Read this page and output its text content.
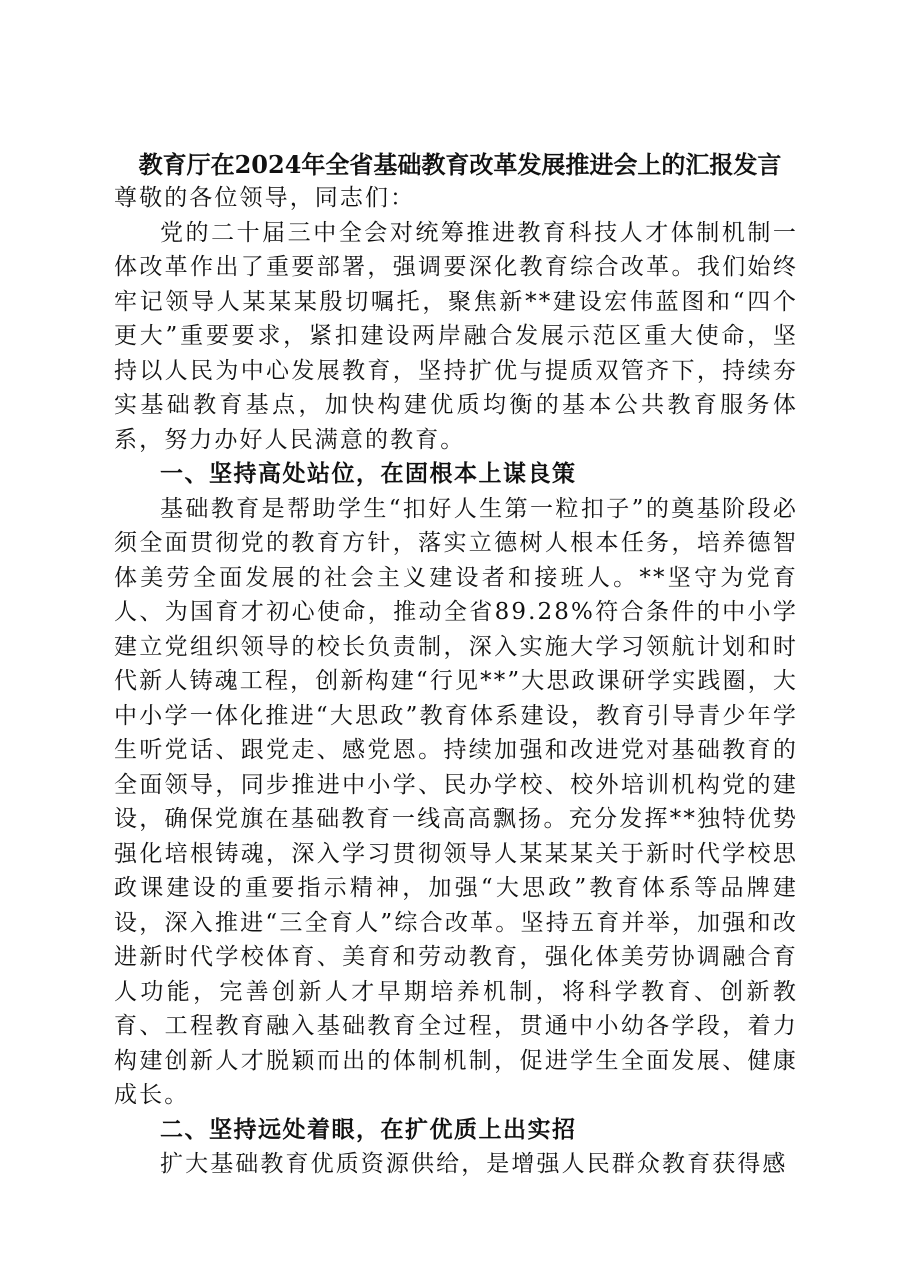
教育厅在2024年全省基础教育改革发展推进会上的汇报发言

尊敬的各位领导，同志们：

党的二十届三中全会对统筹推进教育科技人才体制机制一体改革作出了重要部署，强调要深化教育综合改革。我们始终牢记领导人某某某殷切嘱托，聚焦新**建设宏伟蓝图和“四个更大”重要要求，紧扣建设两岸融合发展示范区重大使命，坚持以人民为中心发展教育，坚持扩优与提质双管齐下，持续夯实基础教育基点，加快构建优质均衡的基本公共教育服务体系，努力办好人民满意的教育。

一、坚持高处站位，在固根本上谋良策

基础教育是帮助学生“扣好人生第一粒扣子”的奠基阶段必须全面贯彻党的教育方针，落实立德树人根本任务，培养德智体美劳全面发展的社会主义建设者和接班人。**坚守为党育人、为国育才初心使命，推动全省89.28%符合条件的中小学建立党组织领导的校长负责制，深入实施大学习领航计划和时代新人铸魂工程，创新构建“行见**”大思政课研学实践圈，大中小学一体化推进“大思政”教育体系建设，教育引导青少年学生听党话、跟党走、感党恩。持续加强和改进党对基础教育的全面领导，同步推进中小学、民办学校、校外培训机构党的建设，确保党旗在基础教育一线高高飘扬。充分发挥**独特优势强化培根铸魂，深入学习贯彻领导人某某某关于新时代学校思政课建设的重要指示精神，加强“大思政”教育体系等品牌建设，深入推进“三全育人”综合改革。坚持五育并举，加强和改进新时代学校体育、美育和劳动教育，强化体美劳协调融合育人功能，完善创新人才早期培养机制，将科学教育、创新教育、工程教育融入基础教育全过程，贯通中小幼各学段，着力构建创新人才脱颖而出的体制机制，促进学生全面发展、健康成长。

二、坚持远处着眼，在扩优质上出实招

扩大基础教育优质资源供给，是增强人民群众教育获得感
